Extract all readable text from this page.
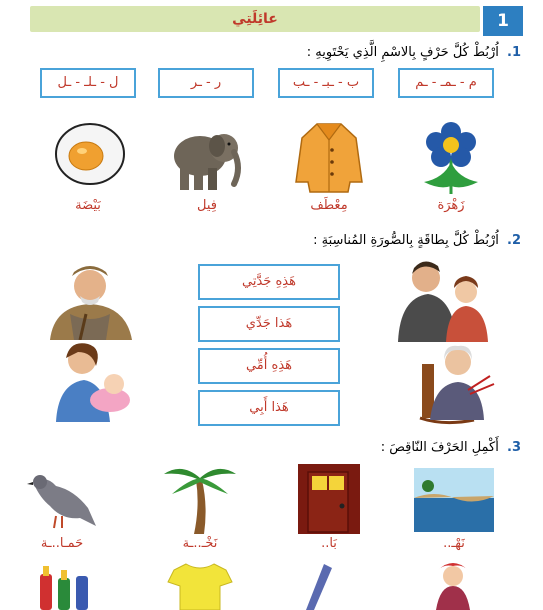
عائِلَتِي	1
1. اُرْبُطْ كُلَّ حَرْفٍ بِالاسْمِ الَّذِي يَحْتَوِيهِ :
ل - ـلـ - ـل	ر - ـر	ب - ـبـ - ـب	م - ـمـ - ـم
بَيْضَة	فِيل	مِعْطَف	زَهْرَة
2. اُرْبُطْ كُلَّ بِطاقَةٍ بِالصُّورَةِ المُناسِبَةِ :
هَذِهِ جَدَّتِي
هَذا جَدِّي
هَذِهِ أُمِّي
هَذا أَبِي
3. أَكْمِلِ الحَرْفَ النّاقِصَ :
حَمـا..ـة	نَخْـ..ـة	بَا..	نَهْـ..
